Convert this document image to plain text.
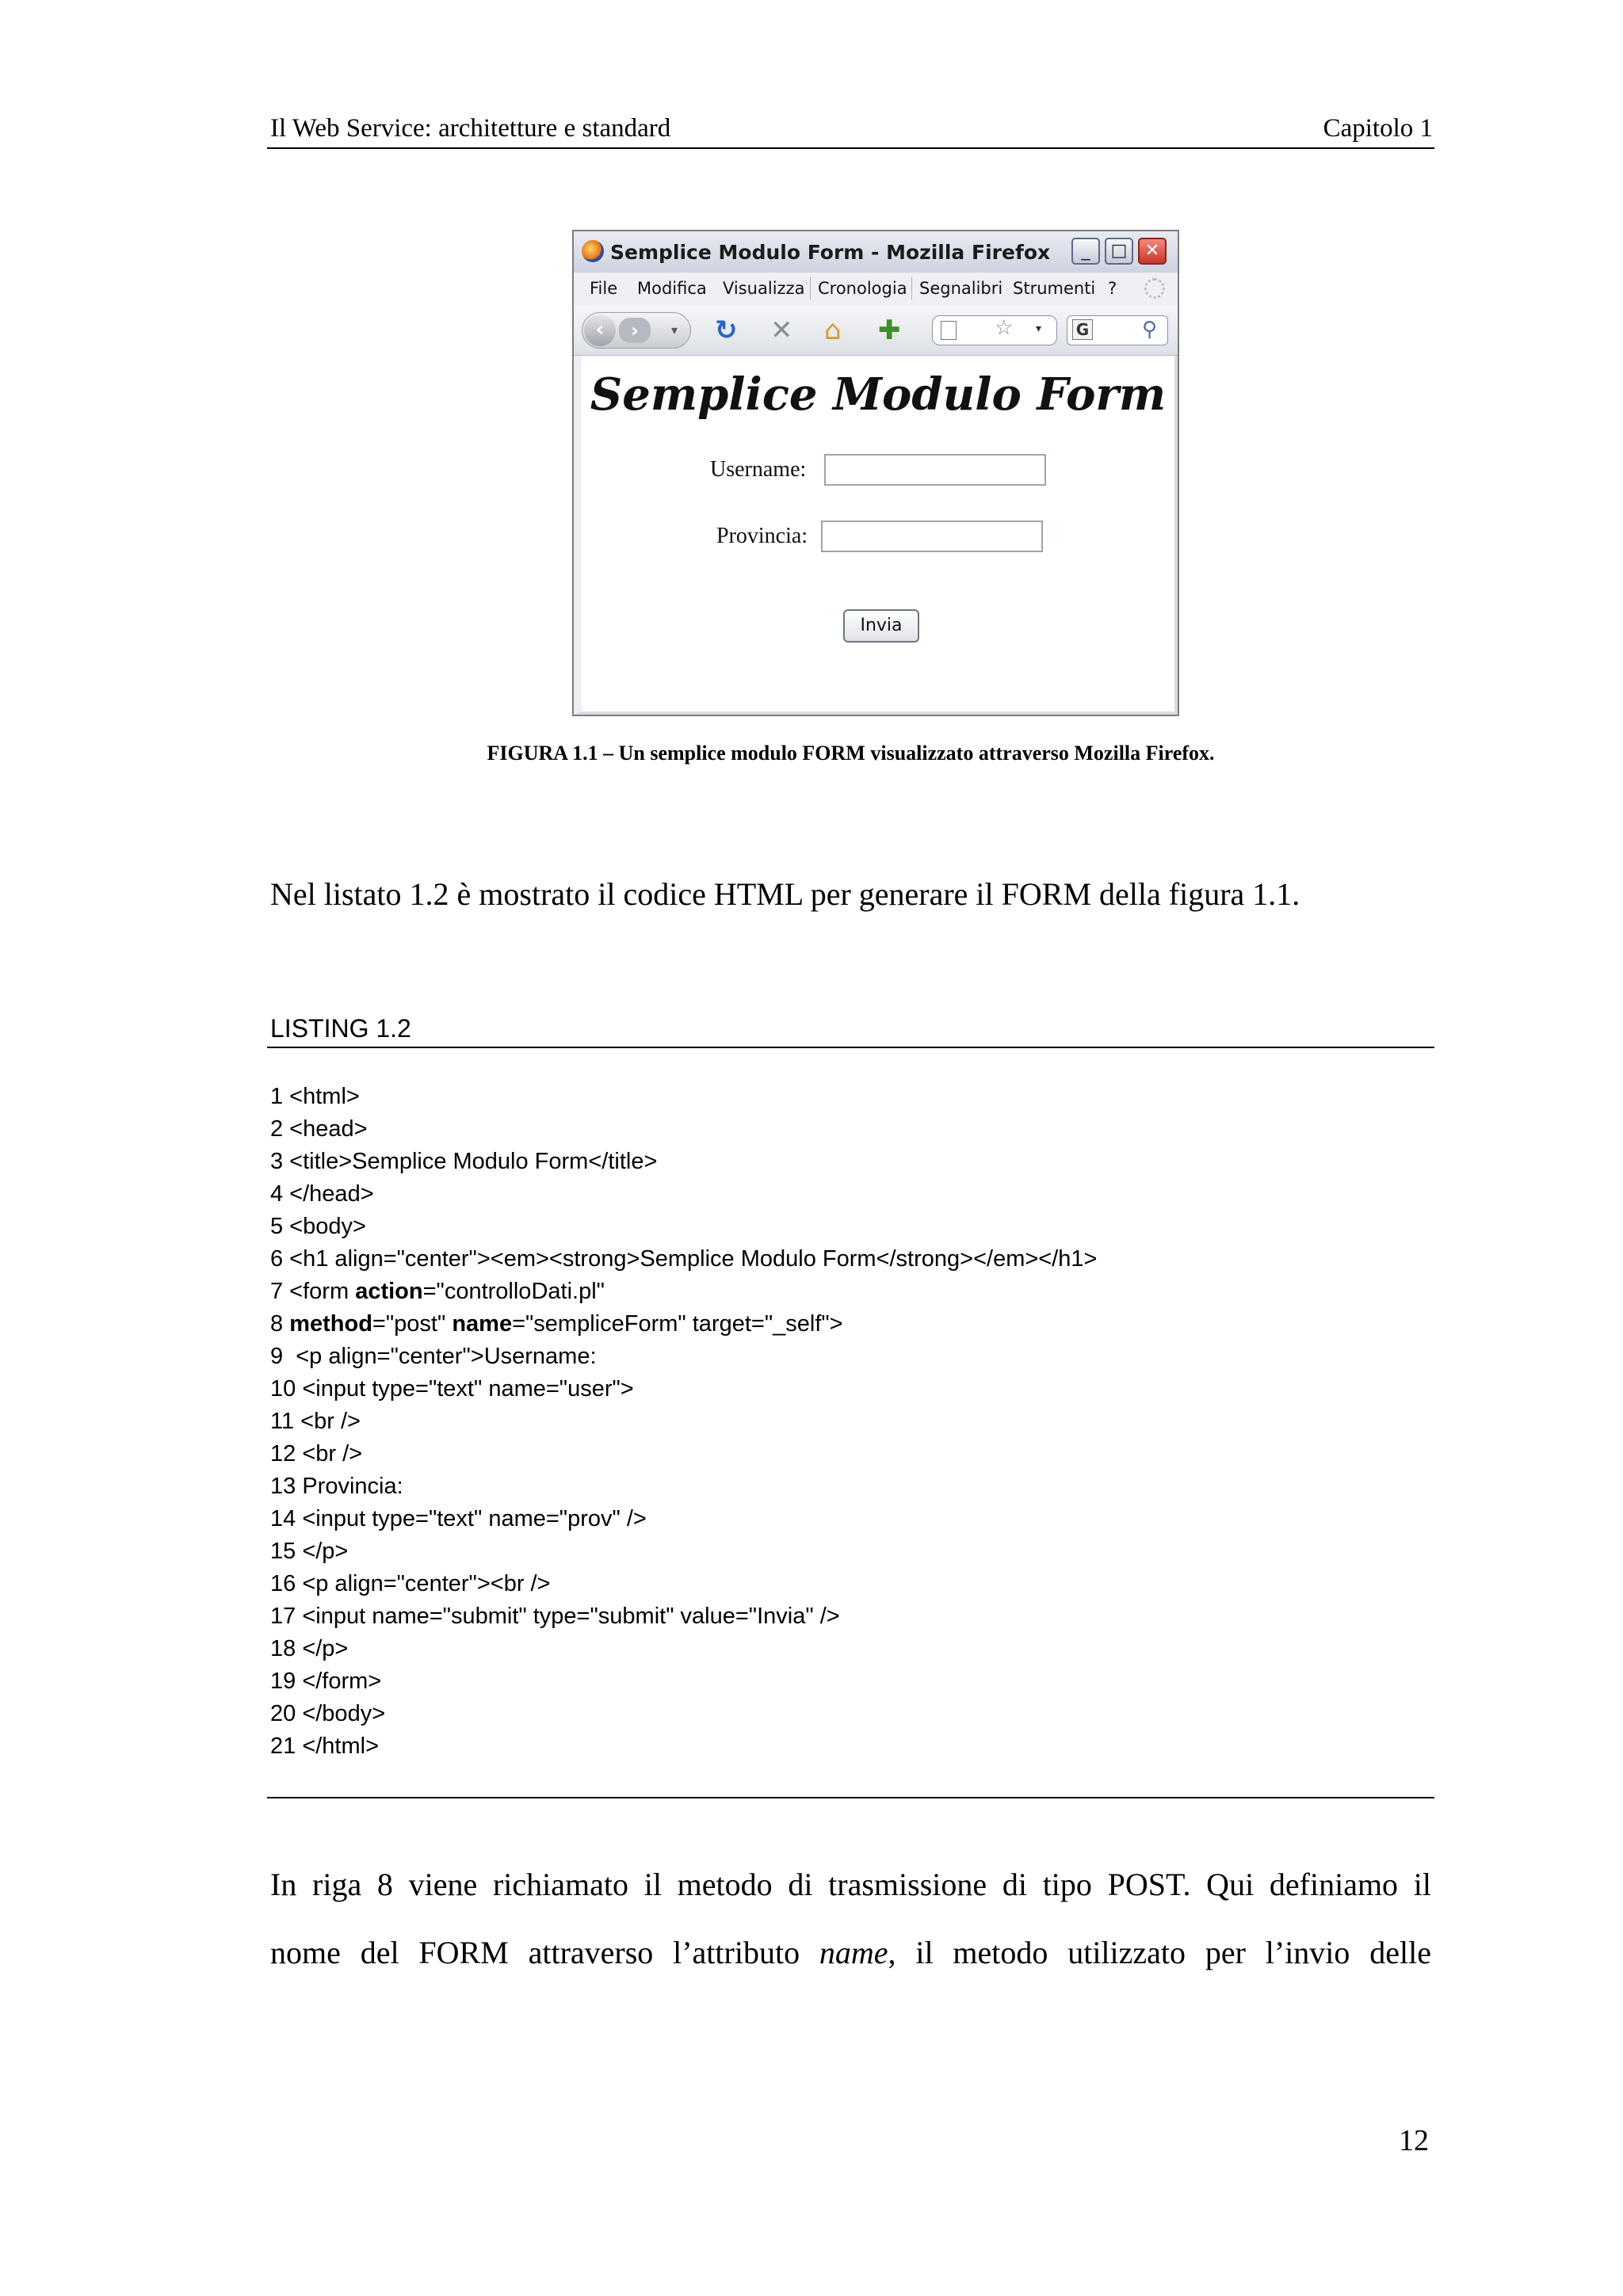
Il Web Service: architetture e standard	Capitolo 1
Semplice Modulo Form - Mozilla Firefox	_	□	✕
File Modifica Visualizza Cronologia Segnalibri Strumenti ?
‹	›	▾ ↻ ✕ ⌂ ✚	☆ ▾ G	⚲
Semplice Modulo Form
Username:
Provincia:
Invia
FIGURA 1.1 – Un semplice modulo FORM visualizzato attraverso Mozilla Firefox.
Nel listato 1.2 è mostrato il codice HTML per generare il FORM della figura 1.1.
LISTING 1.2
1 <html>
2 <head>
3 <title>Semplice Modulo Form</title>
4 </head>
5 <body>
6 <h1 align="center"><em><strong>Semplice Modulo Form</strong></em></h1>
7 <form action="controlloDati.pl"
8 method="post" name="sempliceForm" target="_self">
9  <p align="center">Username:
10 <input type="text" name="user">
11 <br />
12 <br />
13 Provincia:
14 <input type="text" name="prov" />
15 </p>
16 <p align="center"><br />
17 <input name="submit" type="submit" value="Invia" />
18 </p>
19 </form>
20 </body>
21 </html>
In riga 8 viene richiamato il metodo di trasmissione di tipo POST. Qui definiamo il
nome del FORM attraverso l’attributo name, il metodo utilizzato per l’invio delle
12
